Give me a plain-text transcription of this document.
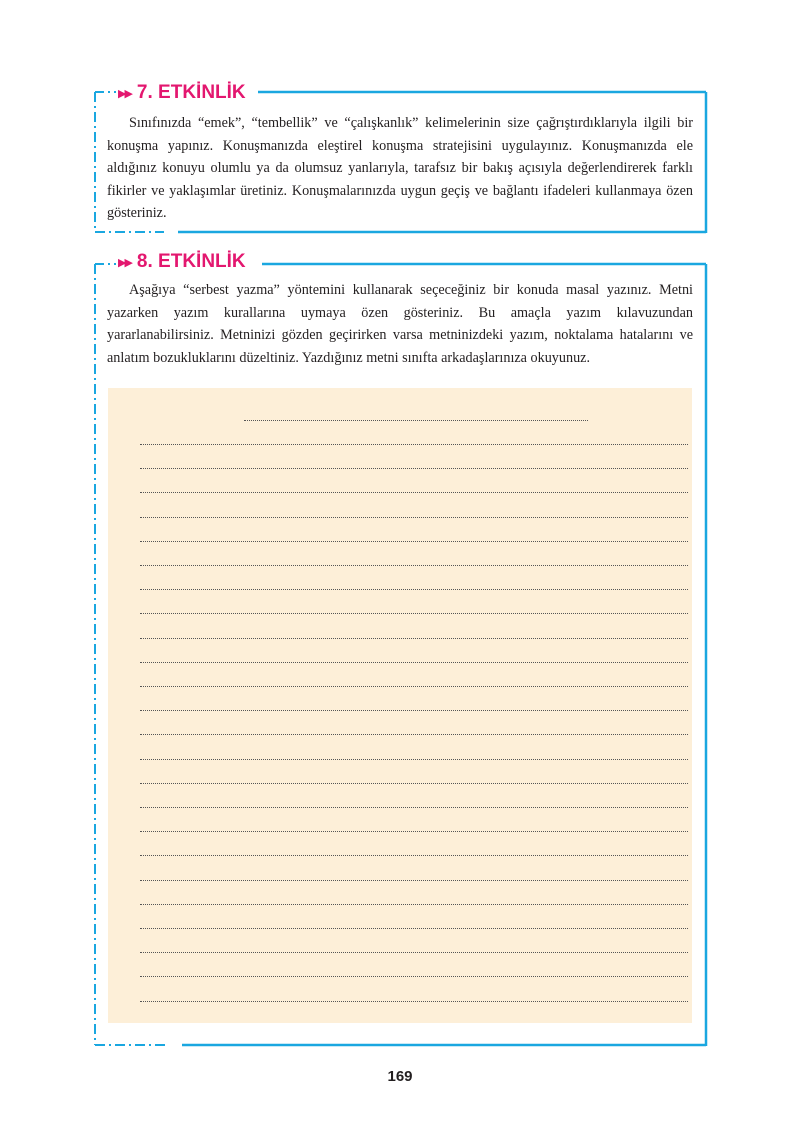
▶▶ 7. ETKİNLİK

Sınıfınızda “emek”, “tembellik” ve “çalışkanlık” kelimelerinin size çağrıştırdıklarıyla ilgili bir konuşma yapınız. Konuşmanızda eleştirel konuşma stratejisini uygulayınız. Konuşmanızda ele aldığınız konuyu olumlu ya da olumsuz yanlarıyla, tarafsız bir bakış açısıyla değerlendirerek farklı fikirler ve yaklaşımlar üretiniz. Konuşmalarınızda uygun geçiş ve bağlantı ifadeleri kullanmaya özen gösteriniz.

▶▶ 8. ETKİNLİK

Aşağıya “serbest yazma” yöntemini kullanarak seçeceğiniz bir konuda masal yazınız. Metni yazarken yazım kurallarına uymaya özen gösteriniz. Bu amaçla yazım kılavuzundan yararlanabilirsiniz. Metninizi gözden geçirirken varsa metninizdeki yazım, noktalama hatalarını ve anlatım bozukluklarını düzeltiniz. Yazdığınız metni sınıfta arkadaşlarınıza okuyunuz.

169
